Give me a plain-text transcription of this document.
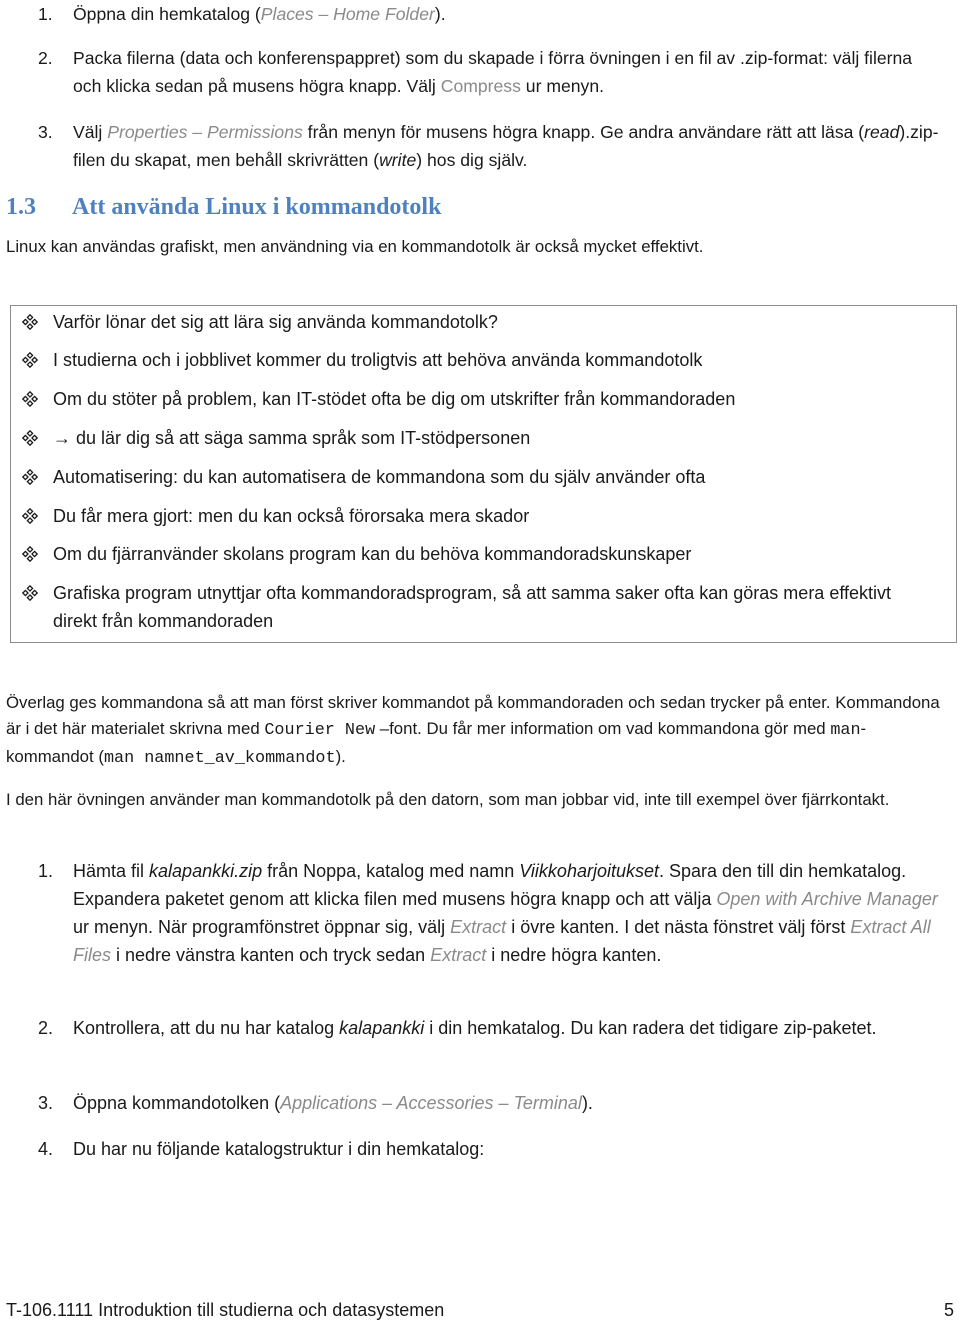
1.	Öppna din hemkatalog (Places – Home Folder).
2.	Packa filerna (data och konferenspappret) som du skapade i förra övningen i en fil av .zip-format: välj filerna och klicka sedan på musens högra knapp. Välj Compress ur menyn.
3.	Välj Properties – Permissions från menyn för musens högra knapp. Ge andra användare rätt att läsa (read).zip-filen du skapat, men behåll skrivrätten (write) hos dig själv.
1.3 Att använda Linux i kommandotolk
Linux kan användas grafiskt, men användning via en kommandotolk är också mycket effektivt.
Varför lönar det sig att lära sig använda kommandotolk?
I studierna och i jobblivet kommer du troligtvis att behöva använda kommandotolk
Om du stöter på problem, kan IT-stödet ofta be dig om utskrifter från kommandoraden
→ du lär dig så att säga samma språk som IT-stödpersonen
Automatisering: du kan automatisera de kommandona som du själv använder ofta
Du får mera gjort: men du kan också förorsaka mera skador
Om du fjärranvänder skolans program kan du behöva kommandoradskunskaper
Grafiska program utnyttjar ofta kommandoradsprogram, så att samma saker ofta kan göras mera effektivt direkt från kommandoraden
Överlag ges kommandona så att man först skriver kommandot på kommandoraden och sedan trycker på enter. Kommandona är i det här materialet skrivna med Courier New –font. Du får mer information om vad kommandona gör med man-kommandot (man namnet_av_kommandot).
I den här övningen använder man kommandotolk på den datorn, som man jobbar vid, inte till exempel över fjärrkontakt.
1.	Hämta fil kalapankki.zip från Noppa, katalog med namn Viikkoharjoitukset. Spara den till din hemkatalog. Expandera paketet genom att klicka filen med musens högra knapp och att välja Open with Archive Manager ur menyn. När programfönstret öppnar sig, välj Extract i övre kanten. I det nästa fönstret välj först Extract All Files i nedre vänstra kanten och tryck sedan Extract i nedre högra kanten.
2.	Kontrollera, att du nu har katalog kalapankki i din hemkatalog. Du kan radera det tidigare zip-paketet.
3.	Öppna kommandotolken (Applications – Accessories – Terminal).
4.	Du har nu följande katalogstruktur i din hemkatalog:
T-106.1111 Introduktion till studierna och datasystemen	5
